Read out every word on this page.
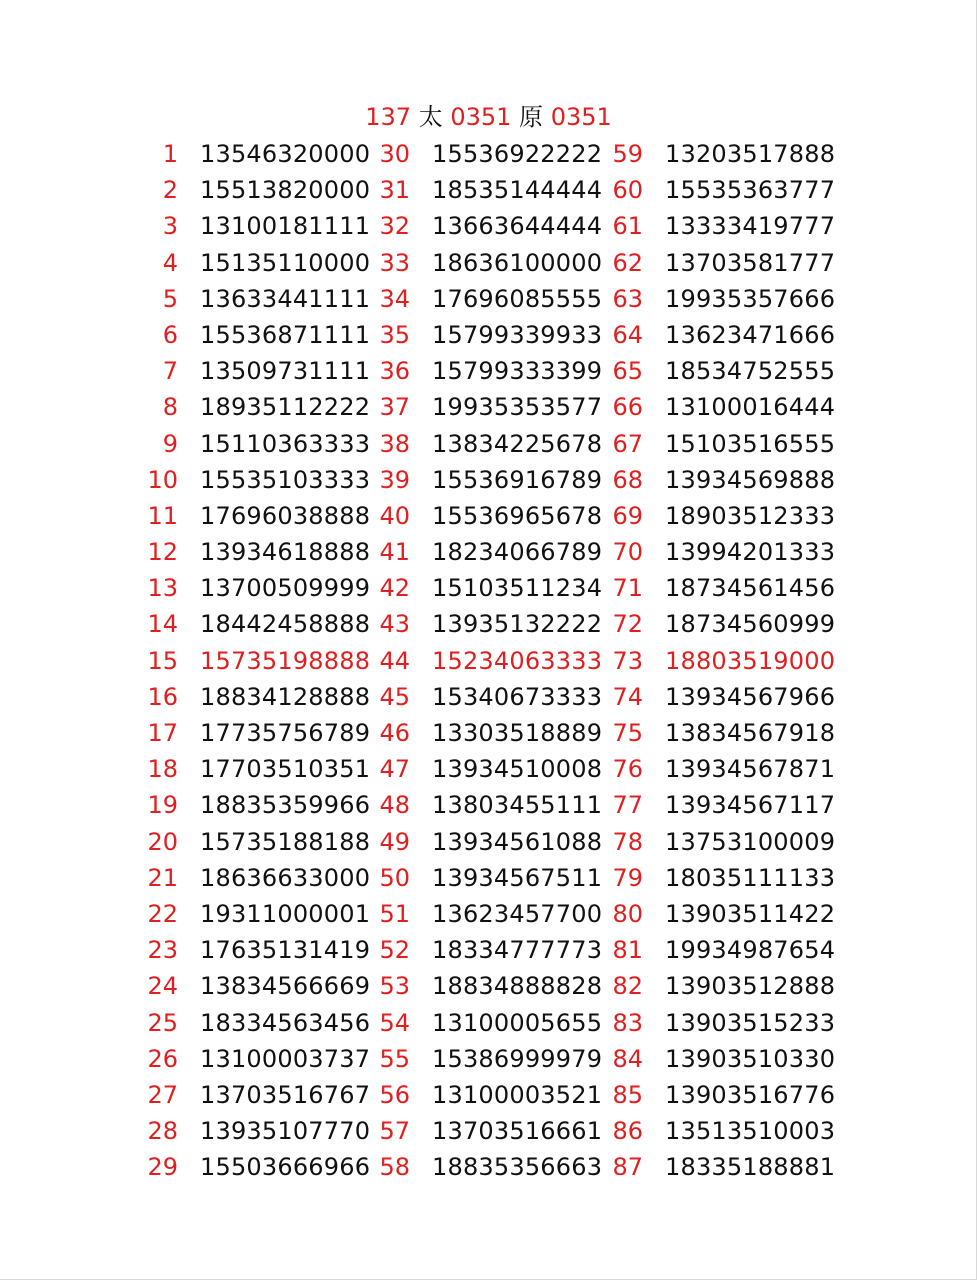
137 太 0351 原 0351
1 13546320000
2 15513820000
3 13100181111
4 15135110000
5 13633441111
6 15536871111
7 13509731111
8 18935112222
9 15110363333
10 15535103333
11 17696038888
12 13934618888
13 13700509999
14 18442458888
15 15735198888
16 18834128888
17 17735756789
18 17703510351
19 18835359966
20 15735188188
21 18636633000
22 19311000001
23 17635131419
24 13834566669
25 18334563456
26 13100003737
27 13703516767
28 13935107770
29 15503666966
30 15536922222
31 18535144444
32 13663644444
33 18636100000
34 17696085555
35 15799339933
36 15799333399
37 19935353577
38 13834225678
39 15536916789
40 15536965678
41 18234066789
42 15103511234
43 13935132222
44 15234063333
45 15340673333
46 13303518889
47 13934510008
48 13803455111
49 13934561088
50 13934567511
51 13623457700
52 18334777773
53 18834888828
54 13100005655
55 15386999979
56 13100003521
57 13703516661
58 18835356663
59 13203517888
60 15535363777
61 13333419777
62 13703581777
63 19935357666
64 13623471666
65 18534752555
66 13100016444
67 15103516555
68 13934569888
69 18903512333
70 13994201333
71 18734561456
72 18734560999
73 18803519000
74 13934567966
75 13834567918
76 13934567871
77 13934567117
78 13753100009
79 18035111133
80 13903511422
81 19934987654
82 13903512888
83 13903515233
84 13903510330
85 13903516776
86 13513510003
87 18335188881
